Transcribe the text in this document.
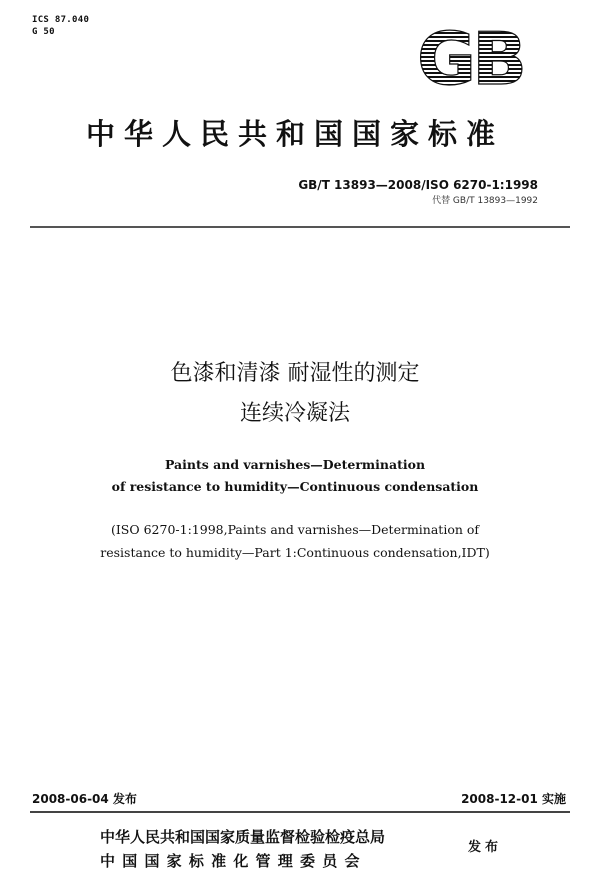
ICS 87.040
G 50	GB
中华人民共和国国家标准
GB/T 13893—2008/ISO 6270-1:1998
代替 GB/T 13893—1992
色漆和清漆 耐湿性的测定
连续冷凝法
Paints and varnishes—Determination
of resistance to humidity—Continuous condensation
(ISO 6270-1:1998,Paints and varnishes—Determination of
resistance to humidity—Part 1:Continuous condensation,IDT)
2008-06-04 发布	2008-12-01 实施
中华人民共和国国家质量监督检验检疫总局
中 国 国 家 标 准 化 管 理 委 员 会
发布
